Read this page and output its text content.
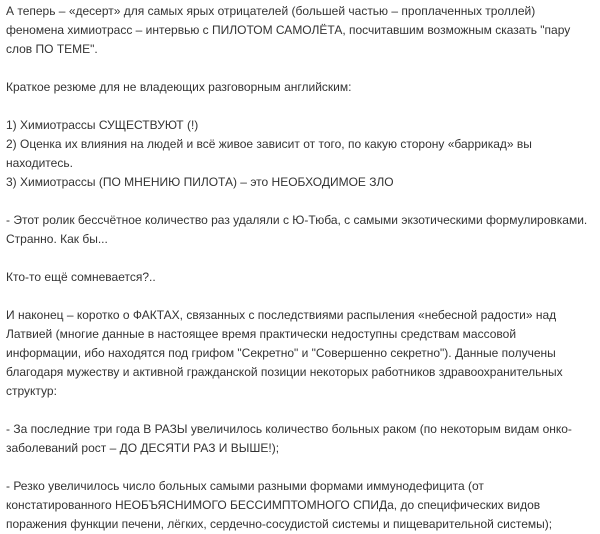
А теперь – «десерт» для самых ярых отрицателей (большей частью – проплаченных троллей)
феномена химиотрасс – интервью с ПИЛОТОМ САМОЛЁТА, посчитавшим возможным сказать "пару
слов ПО ТЕМЕ".

Краткое резюме для не владеющих разговорным английским:

1) Химиотрассы СУЩЕСТВУЮТ (!)
2) Оценка их влияния на людей и всё живое зависит от того, по какую сторону «баррикад» вы
находитесь.
3) Химиотрассы (ПО МНЕНИЮ ПИЛОТА) – это НЕОБХОДИМОЕ ЗЛО

- Этот ролик бессчётное количество раз удаляли с Ю-Тюба, с самыми экзотическими формулировками.
Странно. Как бы...

Кто-то ещё сомневается?..

И наконец – коротко о ФАКТАХ, связанных с последствиями распыления «небесной радости» над
Латвией (многие данные в настоящее время практически недоступны средствам массовой
информации, ибо находятся под грифом "Секретно" и "Совершенно секретно"). Данные получены
благодаря мужеству и активной гражданской позиции некоторых работников здравоохранительных
структур:

- За последние три года В РАЗЫ увеличилось количество больных раком (по некоторым видам онко-
заболеваний рост – ДО ДЕСЯТИ РАЗ И ВЫШЕ!);

- Резко увеличилось число больных самыми разными формами иммунодефицита (от
констатированного НЕОБЪЯСНИМОГО БЕССИМПТОМНОГО СПИДа, до специфических видов
поражения функции печени, лёгких, сердечно-сосудистой системы и пищеварительной системы);
